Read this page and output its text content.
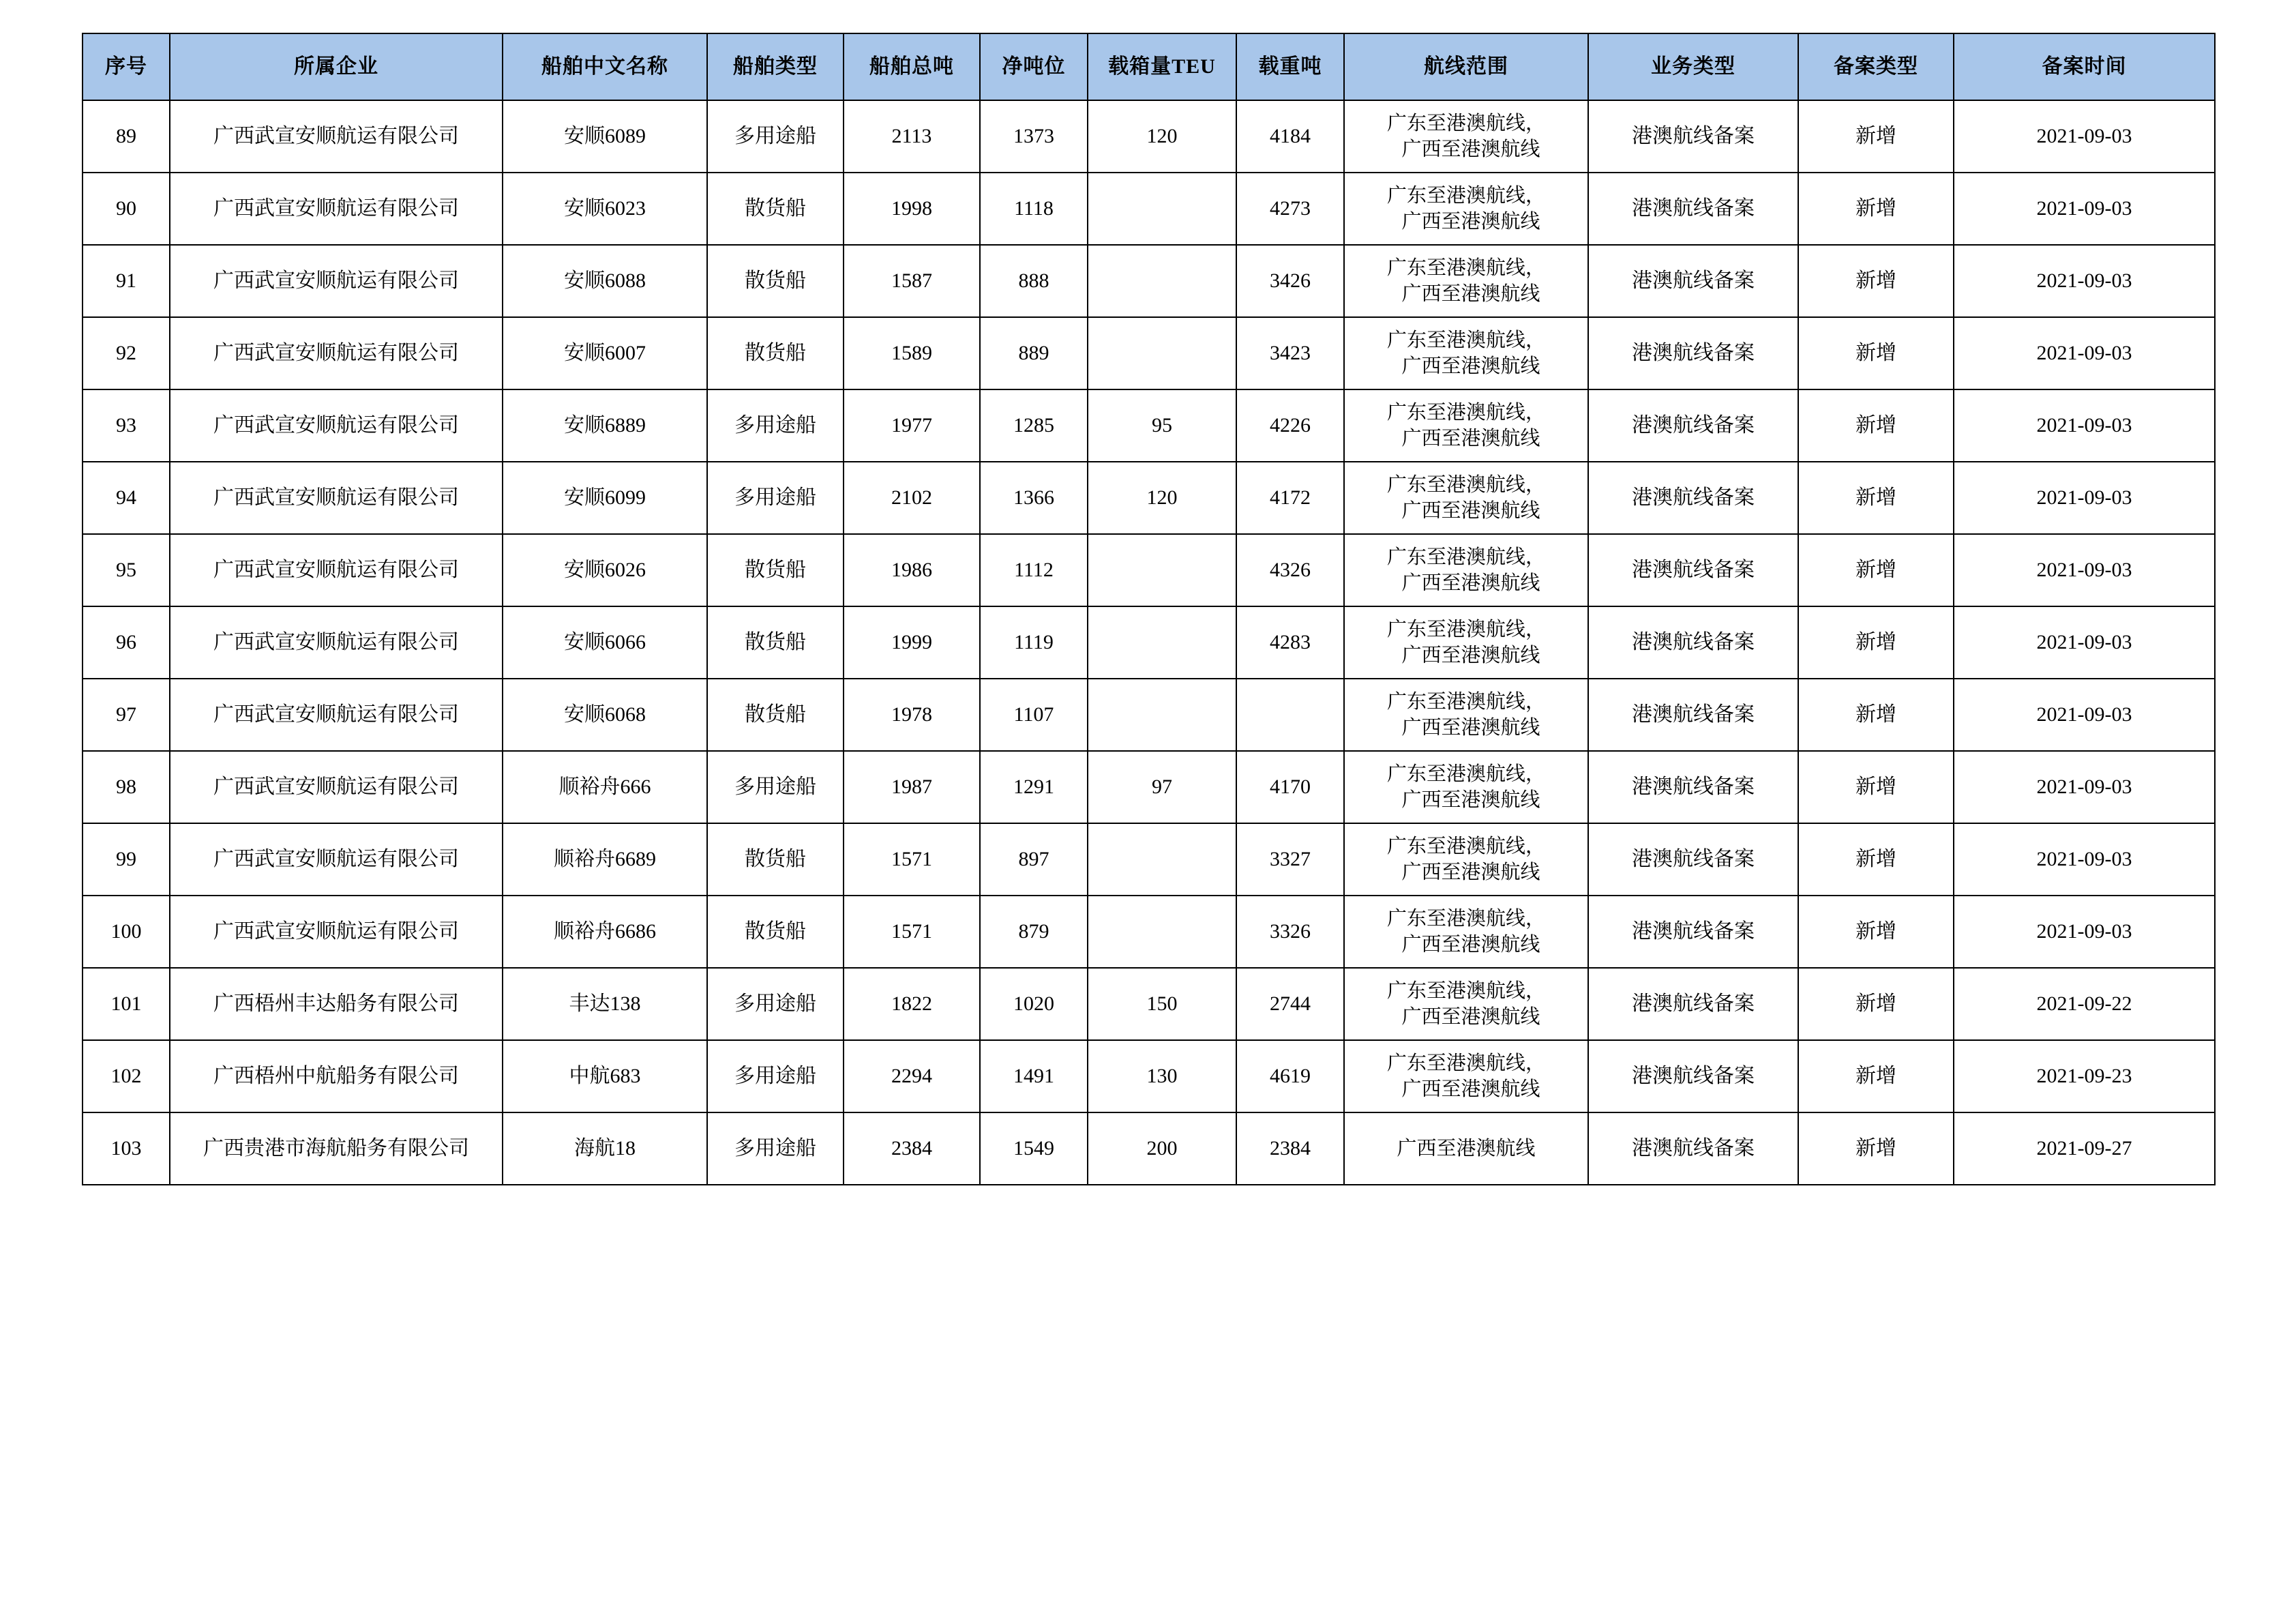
序号	所属企业	船舶中文名称	船舶类型	船舶总吨	净吨位	载箱量TEU	载重吨	航线范围	业务类型	备案类型	备案时间
89	广西武宣安顺航运有限公司	安顺6089	多用途船	2113	1373	120	4184	广东至港澳航线，
广西至港澳航线	港澳航线备案	新增	2021-09-03
90	广西武宣安顺航运有限公司	安顺6023	散货船	1998	1118		4273	广东至港澳航线，
广西至港澳航线	港澳航线备案	新增	2021-09-03
91	广西武宣安顺航运有限公司	安顺6088	散货船	1587	888		3426	广东至港澳航线，
广西至港澳航线	港澳航线备案	新增	2021-09-03
92	广西武宣安顺航运有限公司	安顺6007	散货船	1589	889		3423	广东至港澳航线，
广西至港澳航线	港澳航线备案	新增	2021-09-03
93	广西武宣安顺航运有限公司	安顺6889	多用途船	1977	1285	95	4226	广东至港澳航线，
广西至港澳航线	港澳航线备案	新增	2021-09-03
94	广西武宣安顺航运有限公司	安顺6099	多用途船	2102	1366	120	4172	广东至港澳航线，
广西至港澳航线	港澳航线备案	新增	2021-09-03
95	广西武宣安顺航运有限公司	安顺6026	散货船	1986	1112		4326	广东至港澳航线，
广西至港澳航线	港澳航线备案	新增	2021-09-03
96	广西武宣安顺航运有限公司	安顺6066	散货船	1999	1119		4283	广东至港澳航线，
广西至港澳航线	港澳航线备案	新增	2021-09-03
97	广西武宣安顺航运有限公司	安顺6068	散货船	1978	1107			广东至港澳航线，
广西至港澳航线	港澳航线备案	新增	2021-09-03
98	广西武宣安顺航运有限公司	顺裕舟666	多用途船	1987	1291	97	4170	广东至港澳航线，
广西至港澳航线	港澳航线备案	新增	2021-09-03
99	广西武宣安顺航运有限公司	顺裕舟6689	散货船	1571	897		3327	广东至港澳航线，
广西至港澳航线	港澳航线备案	新增	2021-09-03
100	广西武宣安顺航运有限公司	顺裕舟6686	散货船	1571	879		3326	广东至港澳航线，
广西至港澳航线	港澳航线备案	新增	2021-09-03
101	广西梧州丰达船务有限公司	丰达138	多用途船	1822	1020	150	2744	广东至港澳航线，
广西至港澳航线	港澳航线备案	新增	2021-09-22
102	广西梧州中航船务有限公司	中航683	多用途船	2294	1491	130	4619	广东至港澳航线，
广西至港澳航线	港澳航线备案	新增	2021-09-23
103	广西贵港市海航船务有限公司	海航18	多用途船	2384	1549	200	2384	广西至港澳航线	港澳航线备案	新增	2021-09-27
